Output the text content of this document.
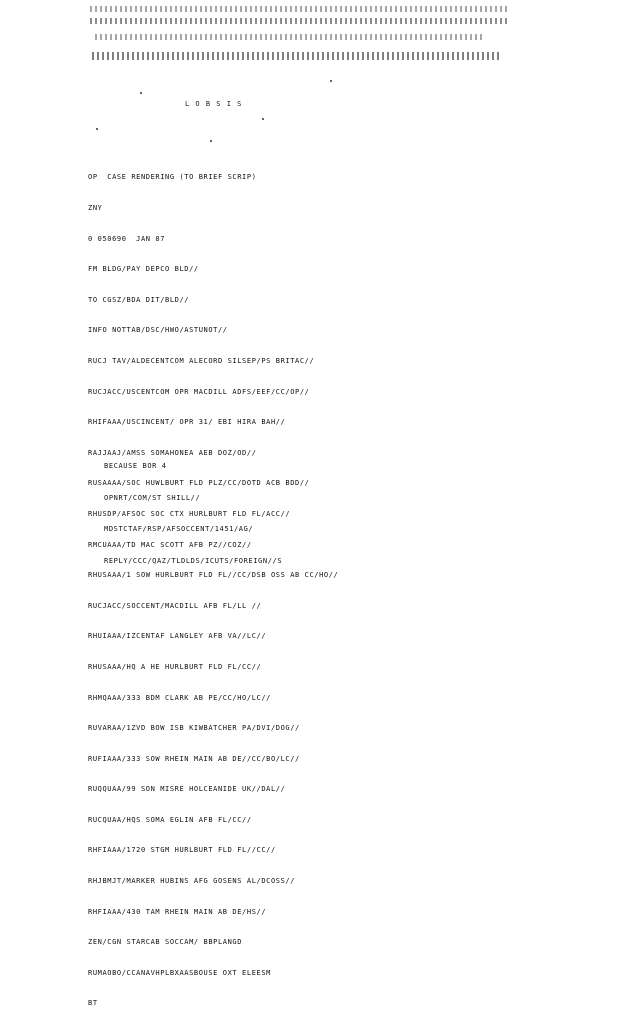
L O B S I S

OP  CASE RENDERING (TO BRIEF SCRIP)

ZNY

0 050690  JAN 87

FM BLDG/PAY DEPCO BLD//

TO CGSZ/BDA DIT/BLD//

INFO NOTTAB/DSC/HWO/ASTUNOT//

RUCJ TAV/ALDECENTCOM ALECORD SILSEP/PS BRITAC//

RUCJACC/USCENTCOM OPR MACDILL ADFS/EEF/CC/OP//

RHIFAAA/USCINCENT/ OPR 31/ EBI HIRA BAH//

RAJJAAJ/AMSS SOMAHONEA AEB DOZ/OD//

RUSAAAA/SOC HUWLBURT FLD PLZ/CC/DOTD ACB BDD//

RHUSDP/AFSOC SOC CTX HURLBURT FLD FL/ACC//

RMCUAAA/TD MAC SCOTT AFB PZ//COZ//

RHUSAAA/1 SOW HURLBURT FLD FL//CC/DSB OSS AB CC/HO//

RUCJACC/SOCCENT/MACDILL AFB FL/LL //

RHUIAAA/IZCENTAF LANGLEY AFB VA//LC//

RHUSAAA/HQ A HE HURLBURT FLD FL/CC//

RHMQAAA/333 BDM CLARK AB PE/CC/HO/LC//

RUVARAA/1ZVD BOW ISB KIWBATCHER PA/DVI/DOG//

RUFIAAA/333 SOW RHEIN MAIN AB DE//CC/BO/LC//

RUQQUAA/99 SON MISRE HOLCEANIDE UK//DAL//

RUCQUAA/HQS SOMA EGLIN AFB FL/CC//

RHFIAAA/1720 STGM HURLBURT FLD FL//CC//

RHJBMJT/MARKER HUBINS AFG GOSENS AL/DCOSS//

RHFIAAA/430 TAM RHEIN MAIN AB DE/HS//

ZEN/CGN STARCAB SOCCAM/ BBPLANGD

RUMAOBO/CCANAVHPLBXAASBOUSE OXT ELEESM

BT

BECAUSE BOR 4

OPNRT/COM/ST SHILL//

MDSTCTAF/RSP/AFSOCCENT/1451/AG/

REPLY/CCC/QAZ/TLDLDS/ICUTS/FOREIGN//S
